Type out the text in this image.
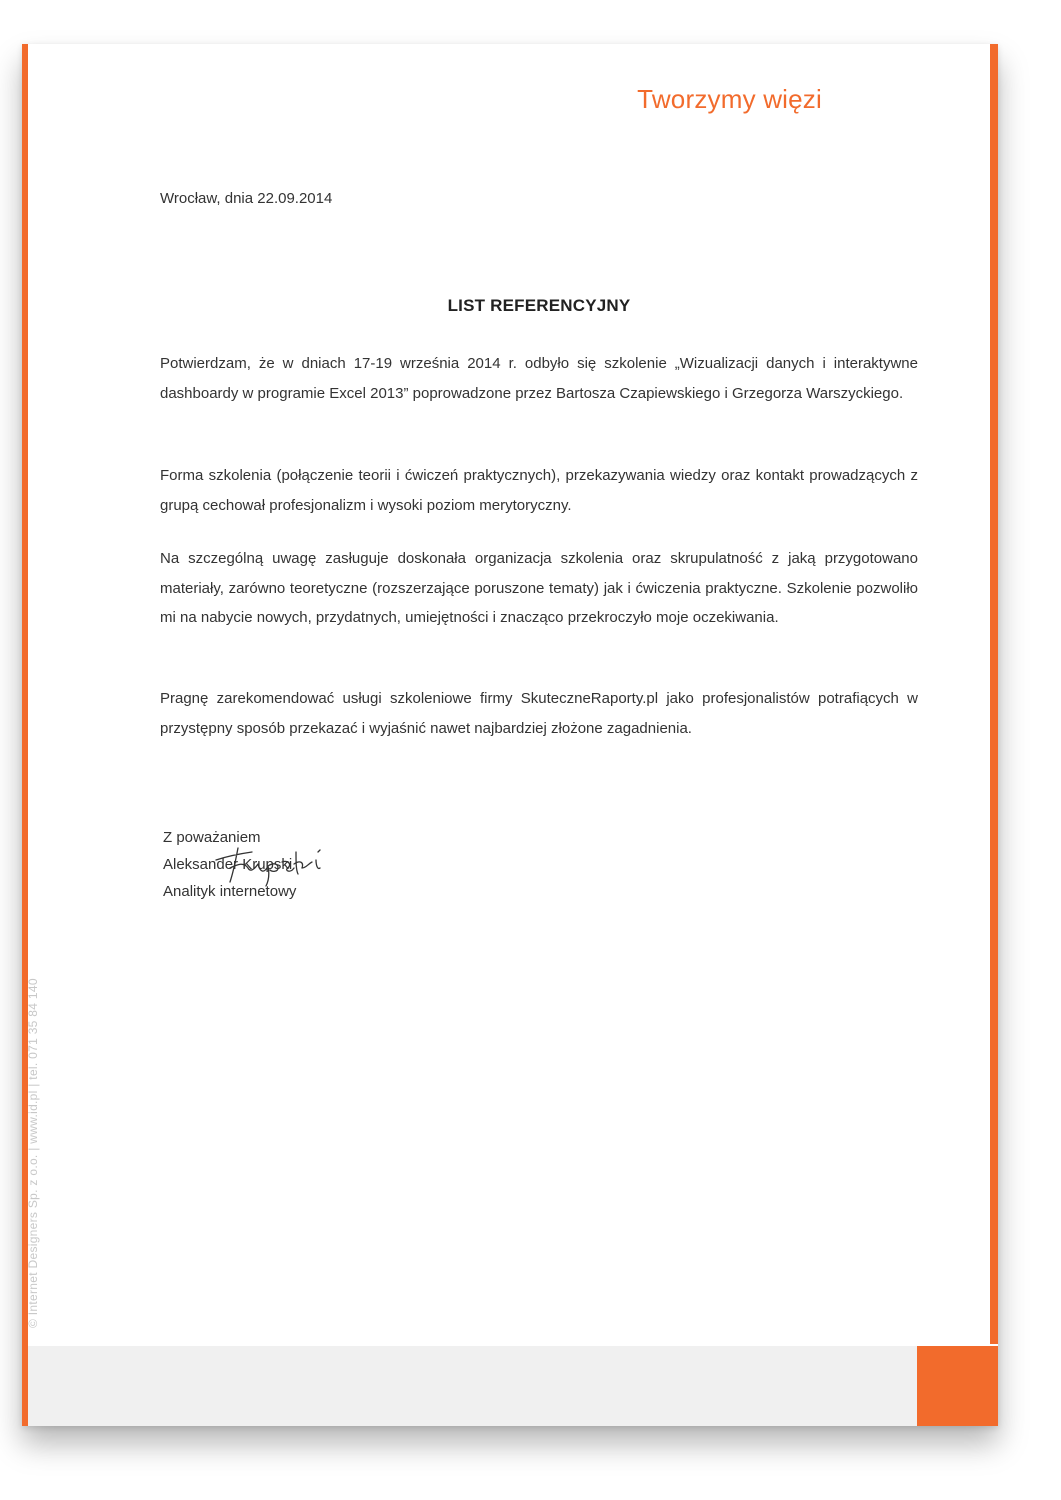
Tworzymy więzi
Wrocław, dnia 22.09.2014
LIST REFERENCYJNY

Potwierdzam, że w dniach 17-19 września 2014 r. odbyło się szkolenie „Wizualizacji danych i interaktywne dashboardy w programie Excel 2013” poprowadzone przez Bartosza Czapiewskiego i Grzegorza Warszyckiego.

Forma szkolenia (połączenie teorii i ćwiczeń praktycznych), przekazywania wiedzy oraz kontakt prowadzących z grupą cechował profesjonalizm i wysoki poziom merytoryczny.

Na szczególną uwagę zasługuje doskonała organizacja szkolenia oraz skrupulatność z jaką przygotowano materiały, zarówno teoretyczne (rozszerzające poruszone tematy) jak i ćwiczenia praktyczne. Szkolenie pozwoliło mi na nabycie nowych, przydatnych, umiejętności i znacząco przekroczyło moje oczekiwania.

Pragnę zarekomendować usługi szkoleniowe firmy SkuteczneRaporty.pl jako profesjonalistów potrafiących w przystępny sposób przekazać i wyjaśnić nawet najbardziej złożone zagadnienia.

Z poważaniem
Aleksander Krupski
Analityk internetowy
© Internet Designers Sp. z o.o. | www.id.pl | tel. 071 35 84 140
